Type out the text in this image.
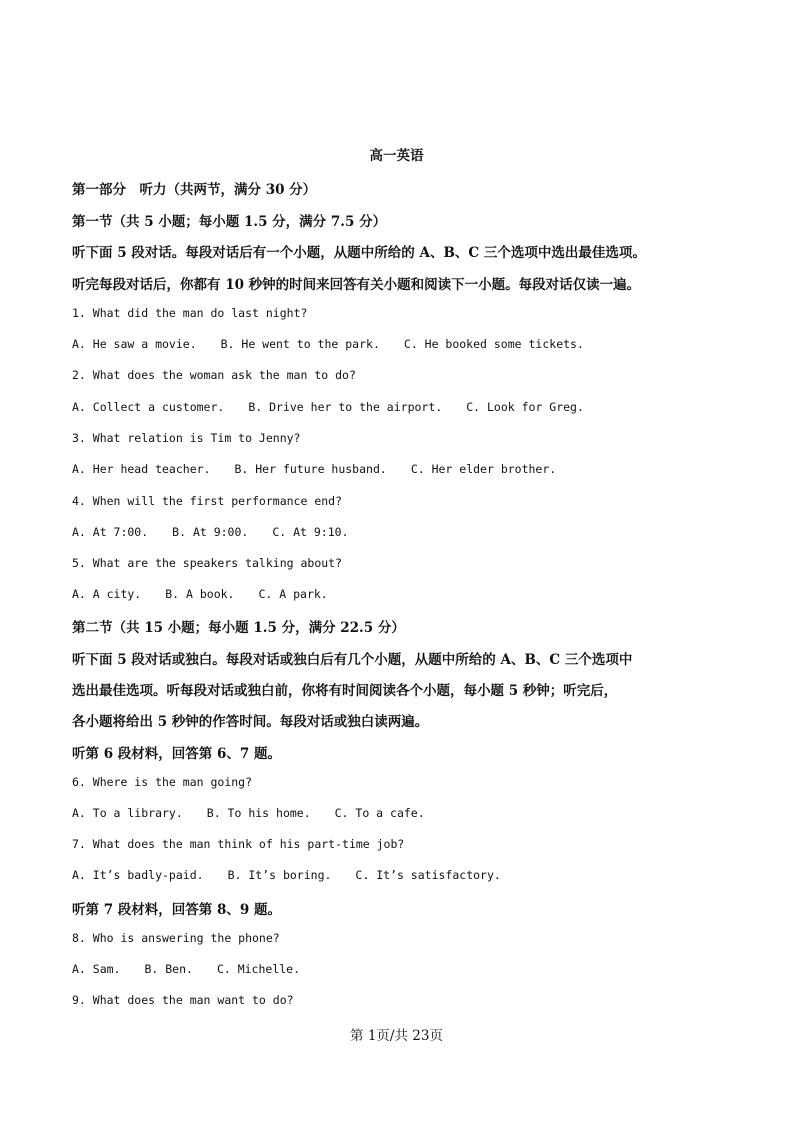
高一英语
第一部分　听力（共两节，满分 30 分）
第一节（共 5 小题；每小题 1.5 分，满分 7.5 分）
听下面 5 段对话。每段对话后有一个小题，从题中所给的 A、B、C 三个选项中选出最佳选项。
听完每段对话后，你都有 10 秒钟的时间来回答有关小题和阅读下一小题。每段对话仅读一遍。
1. What did the man do last night?
A. He saw a movie. B. He went to the park. C. He booked some tickets.
2. What does the woman ask the man to do?
A. Collect a customer. B. Drive her to the airport. C. Look for Greg.
3. What relation is Tim to Jenny?
A. Her head teacher. B. Her future husband. C. Her elder brother.
4. When will the first performance end?
A. At 7:00. B. At 9:00. C. At 9:10.
5. What are the speakers talking about?
A. A city. B. A book. C. A park.
第二节（共 15 小题；每小题 1.5 分，满分 22.5 分）
听下面 5 段对话或独白。每段对话或独白后有几个小题，从题中所给的 A、B、C 三个选项中
选出最佳选项。听每段对话或独白前，你将有时间阅读各个小题，每小题 5 秒钟；听完后，
各小题将给出 5 秒钟的作答时间。每段对话或独白读两遍。
听第 6 段材料，回答第 6、7 题。
6. Where is the man going?
A. To a library. B. To his home. C. To a cafe.
7. What does the man think of his part-time job?
A. It’s badly-paid. B. It’s boring. C. It’s satisfactory.
听第 7 段材料，回答第 8、9 题。
8. Who is answering the phone?
A. Sam. B. Ben. C. Michelle.
9. What does the man want to do?
第 1页/共 23页
